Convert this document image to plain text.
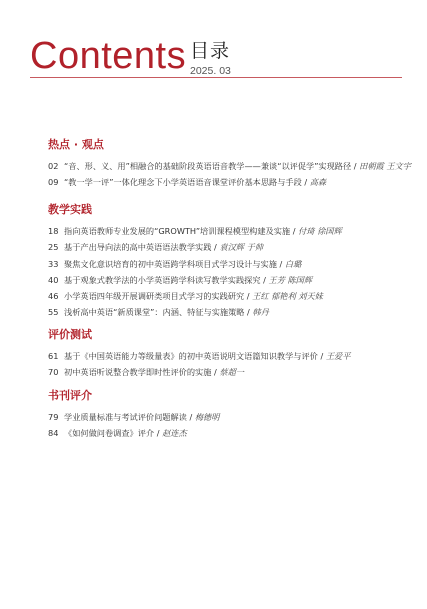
Contents 目录
2025. 03
热点 · 观点
02 “音、形、义、用”相融合的基础阶段英语语音教学——兼谈“以评促学”实现路径 / 田朝霞 王文宇
09 “教一学一评”一体化理念下小学英语语音课堂评价基本思路与手段 / 高森
教学实践
18 指向英语教师专业发展的“GROWTH”培训课程模型构建及实施 / 付琦 徐国辉
25 基于产出导向法的高中英语语法教学实践 / 袁汉辉 于帅
33 聚焦文化意识培育的初中英语跨学科项目式学习设计与实施 / 白璐
40 基于观象式教学法的小学英语跨学科读写教学实践探究 / 王芳 陈国辉
46 小学英语四年级开展调研类项目式学习的实践研究 / 王红 郁艳利 刘天妹
55 浅析高中英语“新质课堂”：内涵、特征与实施策略 / 韩丹
评价测试
61 基于《中国英语能力等级量表》的初中英语说明文语篇知识教学与评价 / 王爱平
70 初中英语听说整合教学即时性评价的实施 / 蔡超一
书刊评介
79 学业质量标准与考试评价问题解读 / 梅德明
84 《如何做问卷调查》评介 / 赵连杰
